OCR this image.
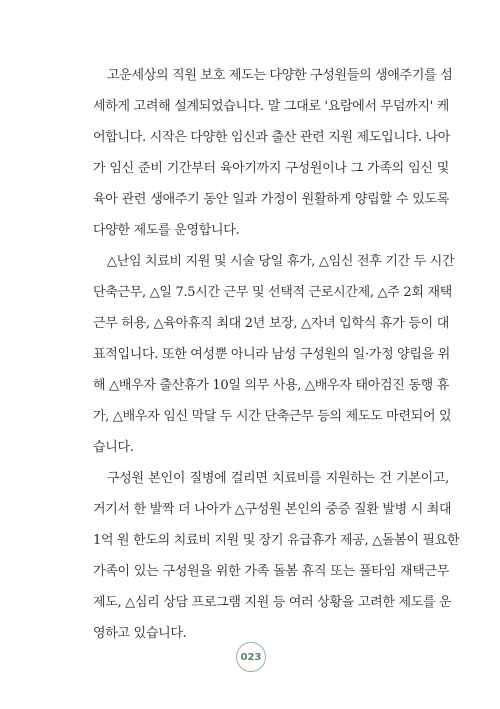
고운세상의 직원 보호 제도는 다양한 구성원들의 생애주기를 섬
세하게 고려해 설계되었습니다. 말 그대로 '요람에서 무덤까지' 케
어합니다. 시작은 다양한 임신과 출산 관련 지원 제도입니다. 나아
가 임신 준비 기간부터 육아기까지 구성원이나 그 가족의 임신 및
육아 관련 생애주기 동안 일과 가정이 원활하게 양립할 수 있도록
다양한 제도를 운영합니다.
△난임 치료비 지원 및 시술 당일 휴가, △임신 전후 기간 두 시간
단축근무, △일 7.5시간 근무 및 선택적 근로시간제, △주 2회 재택
근무 허용, △육아휴직 최대 2년 보장, △자녀 입학식 휴가 등이 대
표적입니다. 또한 여성뿐 아니라 남성 구성원의 일·가정 양립을 위
해 △배우자 출산휴가 10일 의무 사용, △배우자 태아검진 동행 휴
가, △배우자 임신 막달 두 시간 단축근무 등의 제도도 마련되어 있
습니다.
구성원 본인이 질병에 걸리면 치료비를 지원하는 건 기본이고,
거기서 한 발짝 더 나아가 △구성원 본인의 중증 질환 발병 시 최대
1억 원 한도의 치료비 지원 및 장기 유급휴가 제공, △돌봄이 필요한
가족이 있는 구성원을 위한 가족 돌봄 휴직 또는 풀타임 재택근무
제도, △심리 상담 프로그램 지원 등 여러 상황을 고려한 제도를 운
영하고 있습니다.
023
